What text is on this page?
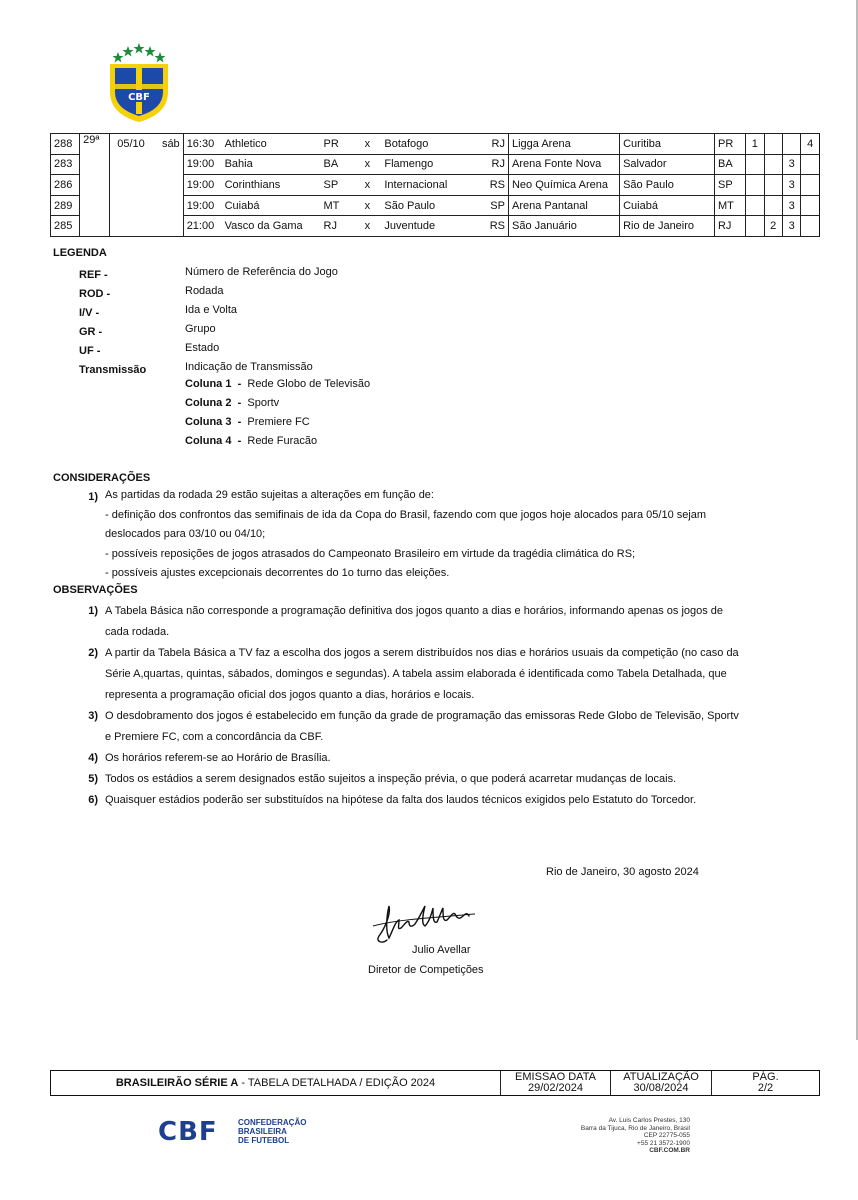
CBF
288	29ª	05/10	sáb	16:30	Athletico	PR	x	Botafogo	RJ	Ligga Arena	Curitiba	PR	1			4
283				19:00	Bahia	BA	x	Flamengo	RJ	Arena Fonte Nova	Salvador	BA			3	
286				19:00	Corinthians	SP	x	Internacional	RS	Neo Química Arena	São Paulo	SP			3	
289				19:00	Cuiabá	MT	x	São Paulo	SP	Arena Pantanal	Cuiabá	MT			3	
285				21:00	Vasco da Gama	RJ	x	Juventude	RS	São Januário	Rio de Janeiro	RJ		2	3	
LEGENDA
REF -	Número de Referência do Jogo
ROD -	Rodada
I/V -	Ida e Volta
GR -	Grupo
UF -	Estado
Transmissão	Indicação de Transmissão
Coluna 1 - Rede Globo de Televisão
Coluna 2 - Sportv
Coluna 3 - Premiere FC
Coluna 4 - Rede Furacão
CONSIDERAÇÕES
1) As partidas da rodada 29 estão sujeitas a alterações em função de:
- definição dos confrontos das semifinais de ida da Copa do Brasil, fazendo com que jogos hoje alocados para 05/10 sejam
deslocados para 03/10 ou 04/10;
- possíveis reposições de jogos atrasados do Campeonato Brasileiro em virtude da tragédia climática do RS;
- possíveis ajustes excepcionais decorrentes do 1o turno das eleições.
OBSERVAÇÕES
1) A Tabela Básica não corresponde a programação definitiva dos jogos quanto a dias e horários, informando apenas os jogos de cada rodada.
2) A partir da Tabela Básica a TV faz a escolha dos jogos a serem distribuídos nos dias e horários usuais da competição (no caso da Série A,quartas, quintas, sábados, domingos e segundas). A tabela assim elaborada é identificada como Tabela Detalhada, que representa a programação oficial dos jogos quanto a dias, horários e locais.
3) O desdobramento dos jogos é estabelecido em função da grade de programação das emissoras Rede Globo de Televisão, Sportv e Premiere FC, com a concordância da CBF.
4) Os horários referem-se ao Horário de Brasília.
5) Todos os estádios a serem designados estão sujeitos a inspeção prévia, o que poderá acarretar mudanças de locais.
6) Quaisquer estádios poderão ser substituídos na hipótese da falta dos laudos técnicos exigidos pelo Estatuto do Torcedor.
Rio de Janeiro, 30 agosto 2024
Julio Avellar
Diretor de Competições
BRASILEIRÃO SÉRIE A - TABELA DETALHADA / EDIÇÃO 2024	EMISSAO DATA
29/02/2024
ATUALIZAÇÃO
30/08/2024
PÁG.
2/2
CBF	CONFEDERAÇÃO
BRASILEIRA
DE FUTEBOL
Av. Luis Carlos Prestes, 130
Barra da Tijuca, Rio de Janeiro, Brasil
CEP 22775-055
+55 21 3572-1900
CBF.COM.BR
